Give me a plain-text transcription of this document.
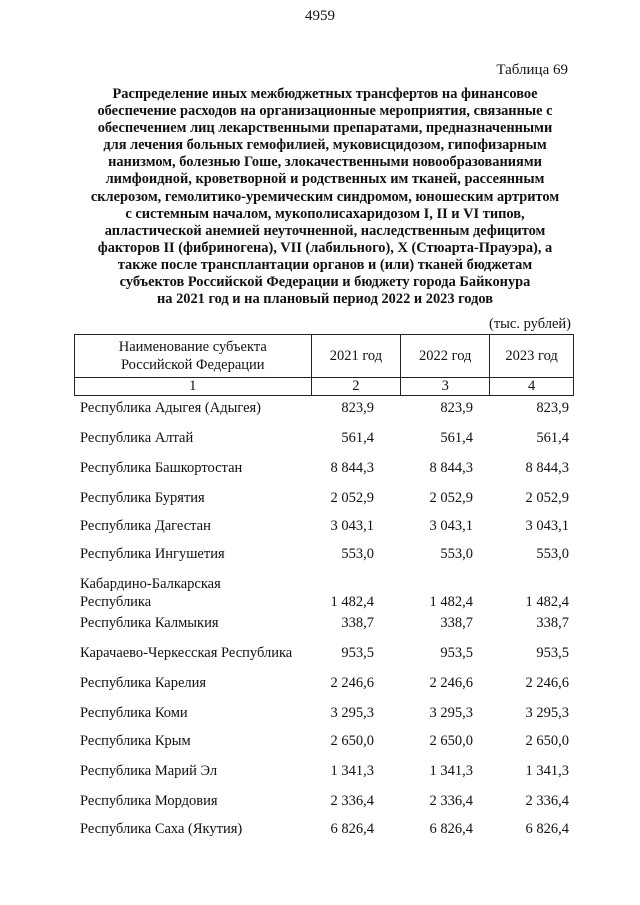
4959
Таблица 69
Распределение иных межбюджетных трансфертов на финансовое
обеспечение расходов на организационные мероприятия, связанные с
обеспечением лиц лекарственными препаратами, предназначенными
для лечения больных гемофилией, муковисцидозом, гипофизарным
нанизмом, болезнью Гоше, злокачественными новообразованиями
лимфоидной, кроветворной и родственных им тканей, рассеянным
склерозом, гемолитико-уремическим синдромом, юношеским артритом
с системным началом, мукополисахаридозом I, II и VI типов,
апластической анемией неуточненной, наследственным дефицитом
факторов II (фибриногена), VII (лабильного), X (Стюарта-Прауэра), а
также после трансплантации органов и (или) тканей бюджетам
субъектов Российской Федерации и бюджету города Байконура
на 2021 год и на плановый период 2022 и 2023 годов
(тыс. рублей)
Наименование субъекта
Российской Федерации	2021 год	2022 год	2023 год
1	2	3	4
Республика Адыгея (Адыгея)	823,9	823,9	823,9
Республика Алтай	561,4	561,4	561,4
Республика Башкортостан	8 844,3	8 844,3	8 844,3
Республика Бурятия	2 052,9	2 052,9	2 052,9
Республика Дагестан	3 043,1	3 043,1	3 043,1
Республика Ингушетия	553,0	553,0	553,0
Кабардино-Балкарская
Республика	1 482,4	1 482,4	1 482,4
Республика Калмыкия	338,7	338,7	338,7
Карачаево-Черкесская Республика	953,5	953,5	953,5
Республика Карелия	2 246,6	2 246,6	2 246,6
Республика Коми	3 295,3	3 295,3	3 295,3
Республика Крым	2 650,0	2 650,0	2 650,0
Республика Марий Эл	1 341,3	1 341,3	1 341,3
Республика Мордовия	2 336,4	2 336,4	2 336,4
Республика Саха (Якутия)	6 826,4	6 826,4	6 826,4
